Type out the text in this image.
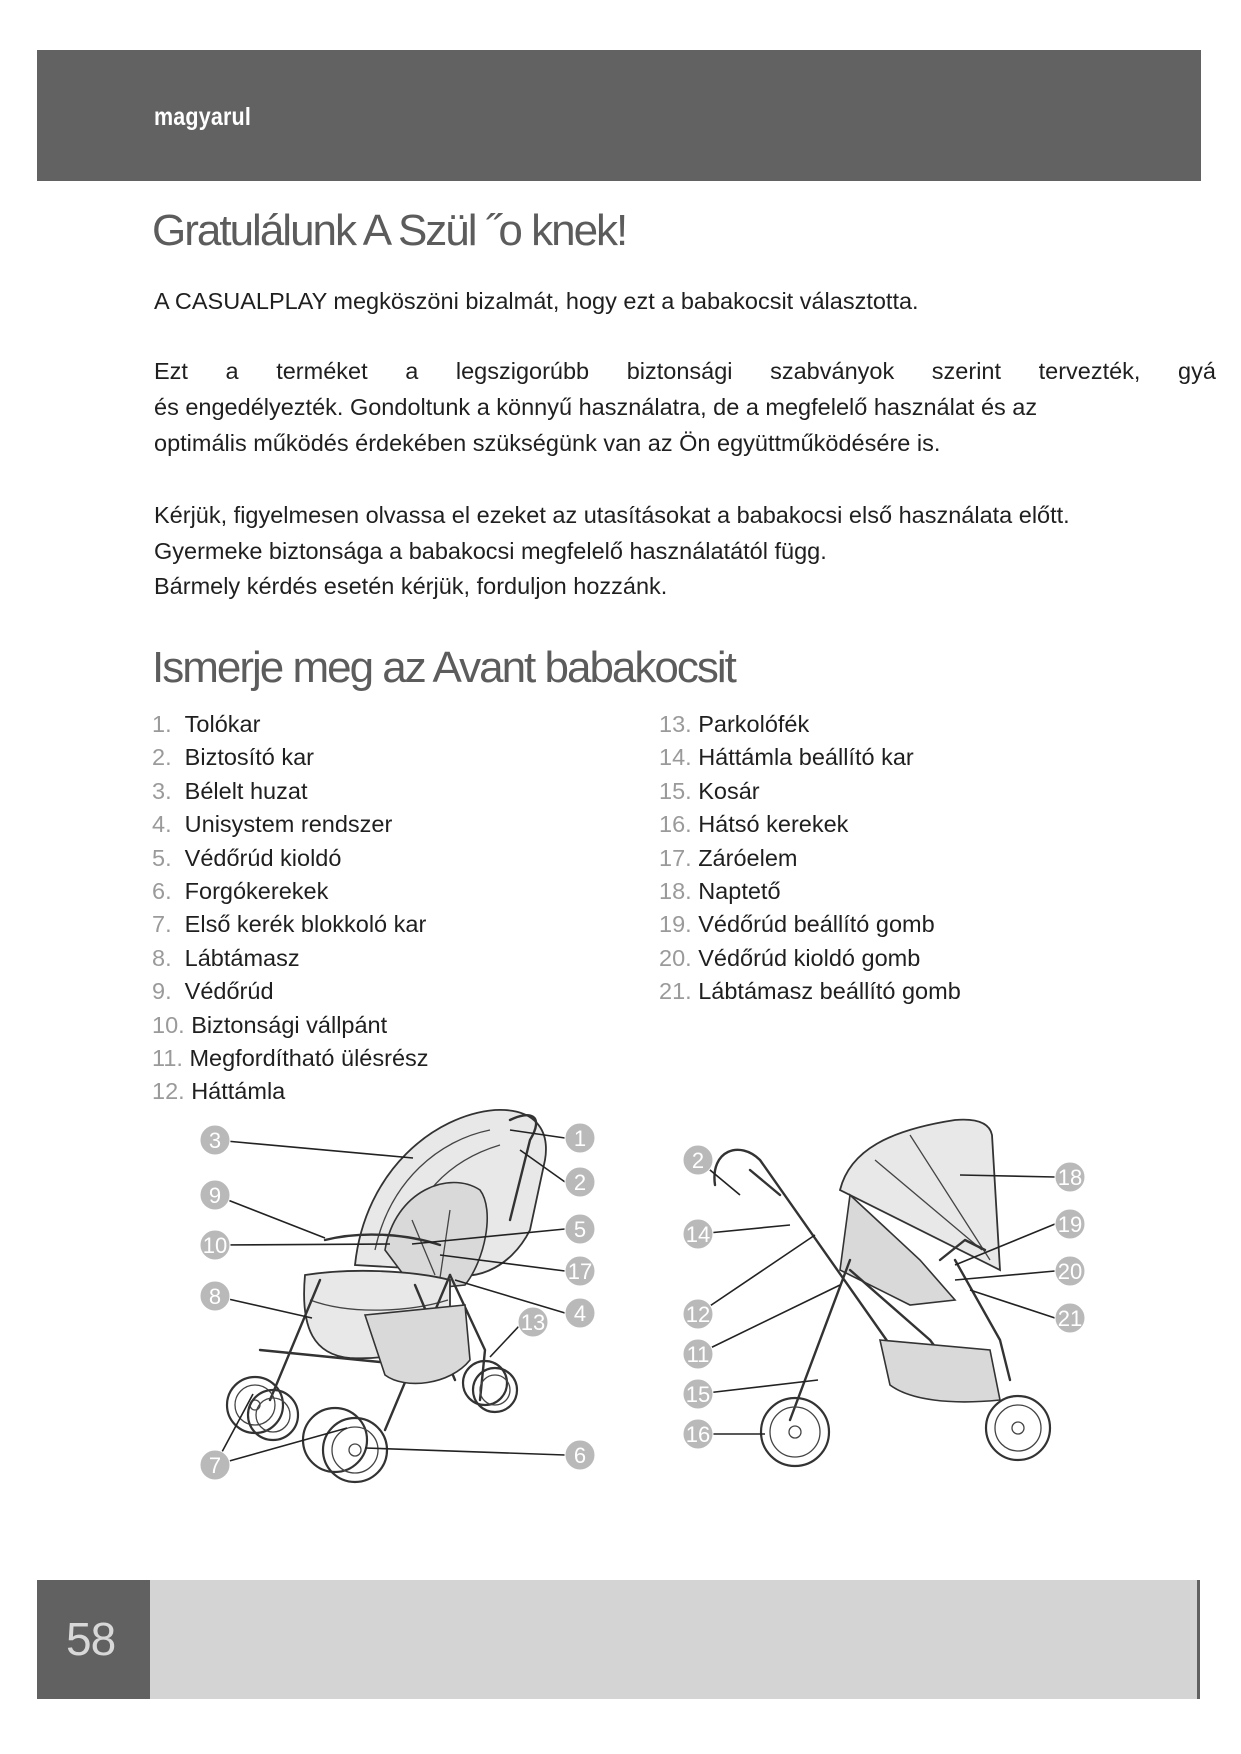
magyarul
Gratulálunk A Szül ˝o knek!

A CASUALPLAY megköszöni bizalmát, hogy ezt a babakocsit választotta.

Ezt a terméket a legszigorúbb biztonsági szabványok szerint tervezték, gyá
és engedélyezték. Gondoltunk a könnyű használatra, de a megfelelő használat és az
optimális működés érdekében szükségünk van az Ön együttműködésére is.
Kérjük, figyelmesen olvassa el ezeket az utasításokat a babakocsi első használata előtt.
Gyermeke biztonsága a babakocsi megfelelő használatától függ.
Bármely kérdés esetén kérjük, forduljon hozzánk.
Ismerje meg az Avant babakocsit
1. Tolókar
2. Biztosító kar
3. Bélelt huzat
4. Unisystem rendszer
5. Védőrúd kioldó
6. Forgókerekek
7. Első kerék blokkoló kar
8. Lábtámasz
9. Védőrúd
10. Biztonsági vállpánt
11. Megfordítható ülésrész
12. Háttámla
13. Parkolófék
14. Háttámla beállító kar
15. Kosár
16. Hátsó kerekek
17. Záróelem
18. Naptető
19. Védőrúd beállító gomb
20. Védőrúd kioldó gomb
21. Lábtámasz beállító gomb
3
9
10
8
7
1
2
5
17
4
13
6
2
14
12
11
15
16
18
19
20
21
58
